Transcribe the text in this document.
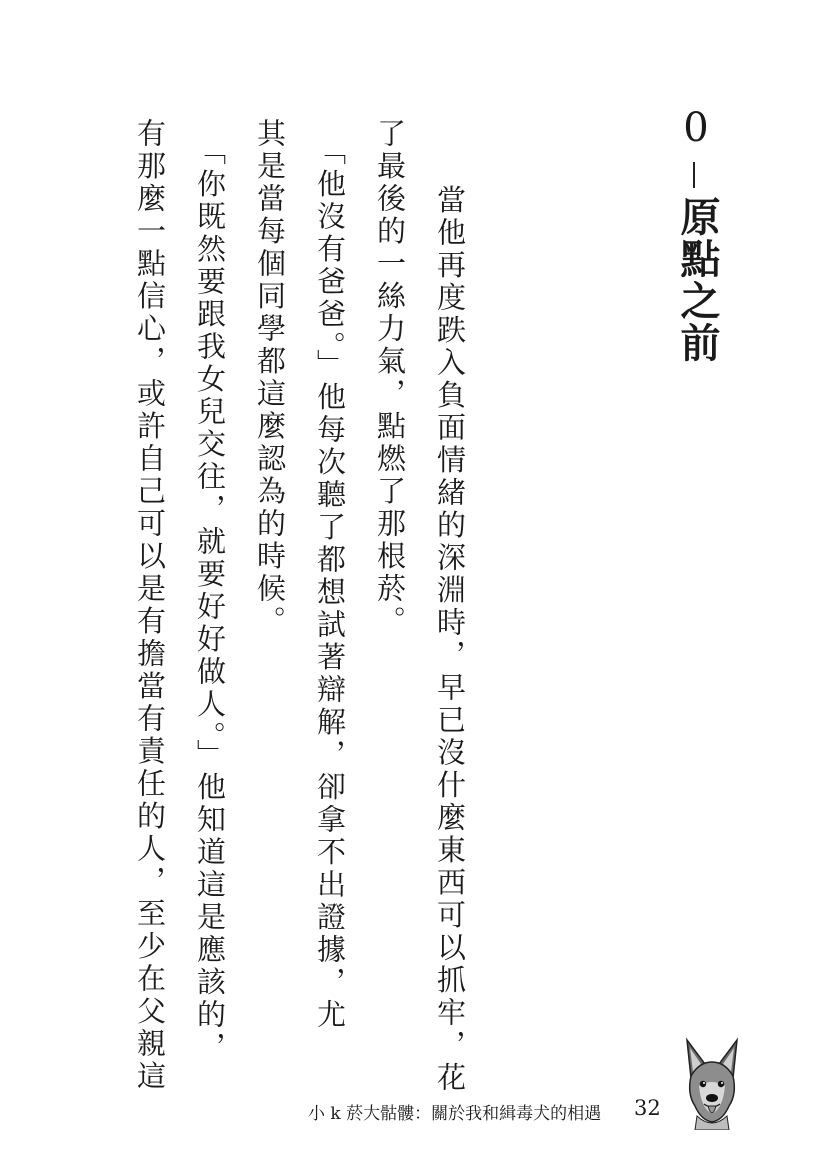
0
原點之前
　當他再度跌入負面情緒的深淵時，早已沒什麼東西可以抓牢，花
了最後的一絲力氣，點燃了那根菸。
　「他沒有爸爸。」他每次聽了都想試著辯解，卻拿不出證據，尤
其是當每個同學都這麼認為的時候。
　「你既然要跟我女兒交往，就要好好做人。」他知道這是應該的，
有那麼一點信心，或許自己可以是有擔當有責任的人，至少在父親這
小 k 菸大骷髏：關於我和緝毒犬的相遇 32
